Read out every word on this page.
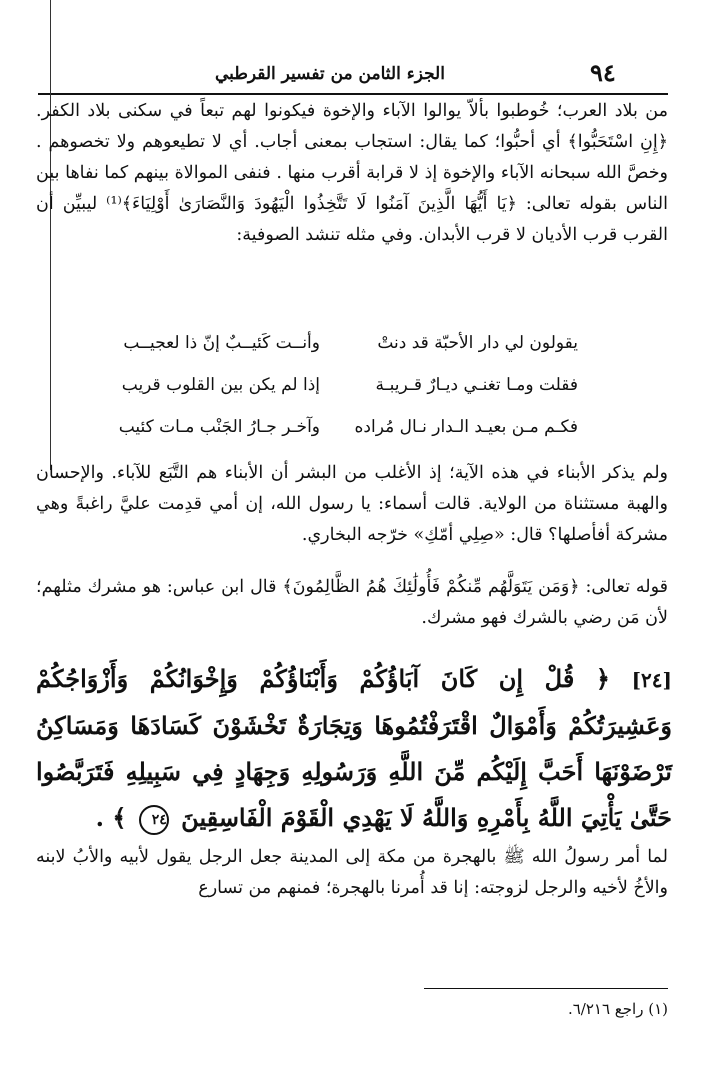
٩٤
الجزء الثامن من تفسير القرطبي
من بلاد العرب؛ خُوطبوا بألاّ يوالوا الآباء والإخوة فيكونوا لهم تبعاً في سكنى بلاد الكفر. ﴿إِنِ اسْتَحَبُّوا﴾ أي أحبُّوا؛ كما يقال: استجاب بمعنى أجاب. أي لا تطيعوهم ولا تخصوهم . وخصَّ الله سبحانه الآباء والإخوة إذ لا قرابة أقرب منها . فنفى الموالاة بينهم كما نفاها بين الناس بقوله تعالى: ﴿يَا أَيُّهَا الَّذِينَ آمَنُوا لَا تَتَّخِذُوا الْيَهُودَ وَالنَّصَارَىٰ أَوْلِيَاءَ﴾⁽¹⁾ ليبيِّن أن القرب قرب الأديان لا قرب الأبدان. وفي مثله تنشد الصوفية:
يقولون لي دار الأحبّة قد دنتْ
وأنــت كَئيــبٌ إنّ ذا لعجيــب
فقلت ومـا تغنـي ديـارٌ قـريبـة
إذا لم يكن بين القلوب قريب
فكـم مـن بعيـد الـدار نـال مُراده
وآخـر جـارُ الجَنْب مـات كئيب
ولم يذكر الأبناء في هذه الآية؛ إذ الأغلب من البشر أن الأبناء هم التَّبَع للآباء. والإحسان والهبة مستثناة من الولاية. قالت أسماء: يا رسول الله، إن أمي قدِمت عليَّ راغبةً وهي مشركة أفأصلها؟ قال: «صِلِي أمّكِ» خرّجه البخاري.
قوله تعالى: ﴿وَمَن يَتَوَلَّهُم مِّنكُمْ فَأُولَٰئِكَ هُمُ الظَّالِمُونَ﴾ قال ابن عباس: هو مشرك مثلهم؛ لأن مَن رضي بالشرك فهو مشرك.
[٢٤] ﴿ قُلْ إِن كَانَ آبَاؤُكُمْ وَأَبْنَاؤُكُمْ وَإِخْوَانُكُمْ وَأَزْوَاجُكُمْ وَعَشِيرَتُكُمْ وَأَمْوَالٌ اقْتَرَفْتُمُوهَا وَتِجَارَةٌ تَخْشَوْنَ كَسَادَهَا وَمَسَاكِنُ تَرْضَوْنَهَا أَحَبَّ إِلَيْكُم مِّنَ اللَّهِ وَرَسُولِهِ وَجِهَادٍ فِي سَبِيلِهِ فَتَرَبَّصُوا حَتَّىٰ يَأْتِيَ اللَّهُ بِأَمْرِهِ وَاللَّهُ لَا يَهْدِي الْقَوْمَ الْفَاسِقِينَ ٢٤ ﴾ .
لما أمر رسولُ الله ﷺ بالهجرة من مكة إلى المدينة جعل الرجل يقول لأبيه والأبُ لابنه والأخُ لأخيه والرجل لزوجته: إنا قد أُمرنا بالهجرة؛ فمنهم من تسارع
(١) راجع ٦/٢١٦.
